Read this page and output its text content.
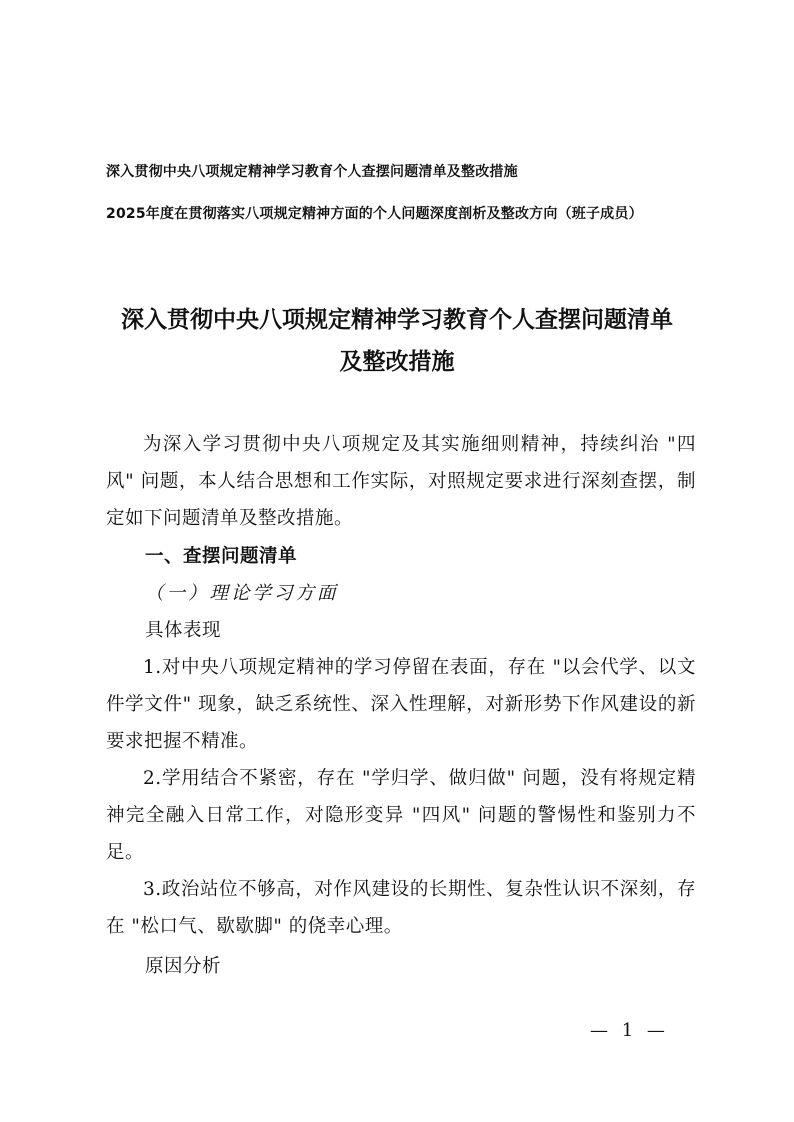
深入贯彻中央八项规定精神学习教育个人查摆问题清单及整改措施
2025年度在贯彻落实八项规定精神方面的个人问题深度剖析及整改方向（班子成员）
深入贯彻中央八项规定精神学习教育个人查摆问题清单
及整改措施

为深入学习贯彻中央八项规定及其实施细则精神，持续纠治 "四风" 问题，本人结合思想和工作实际，对照规定要求进行深刻查摆，制定如下问题清单及整改措施。

一、查摆问题清单
（一）理论学习方面
具体表现

1.对中央八项规定精神的学习停留在表面，存在 "以会代学、以文件学文件" 现象，缺乏系统性、深入性理解，对新形势下作风建设的新要求把握不精准。

2.学用结合不紧密，存在 "学归学、做归做" 问题，没有将规定精神完全融入日常工作，对隐形变异 "四风" 问题的警惕性和鉴别力不足。

3.政治站位不够高，对作风建设的长期性、复杂性认识不深刻，存在 "松口气、歇歇脚" 的侥幸心理。

原因分析
— 1 —
